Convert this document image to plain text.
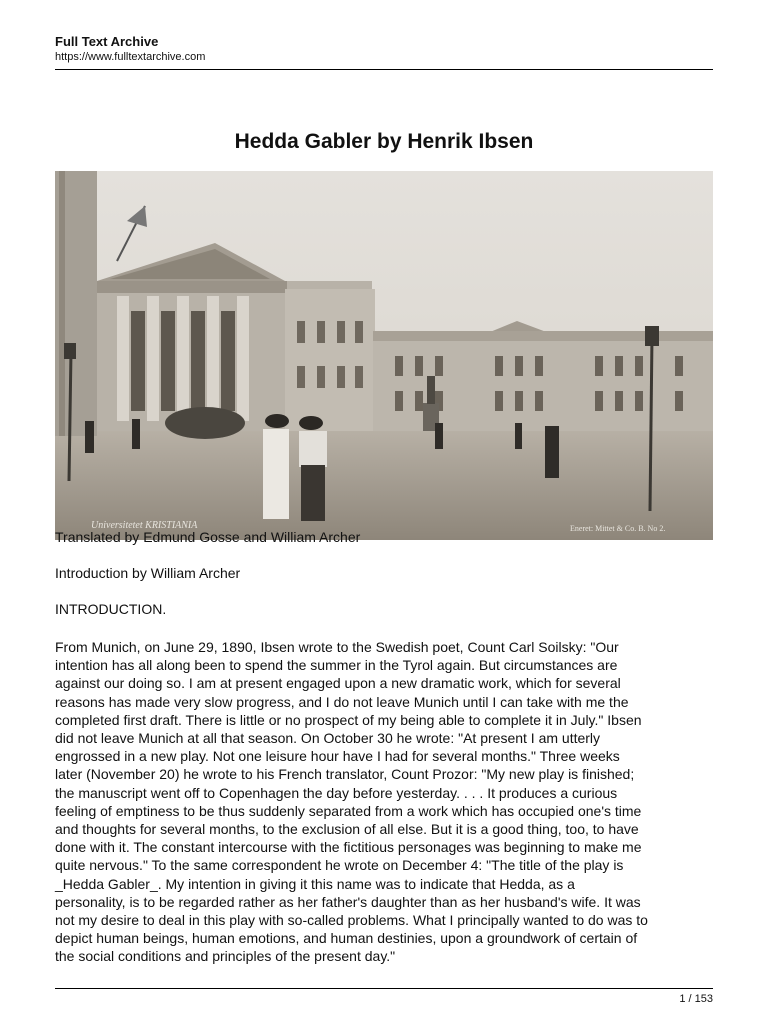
Full Text Archive

https://www.fulltextarchive.com

Hedda Gabler by Henrik Ibsen
Universitetet KRISTIANIA	Eneret: Mittet & Co. B. No 2.
Translated by Edmund Gosse and William Archer
Introduction by William Archer
INTRODUCTION.
From Munich, on June 29, 1890, Ibsen wrote to the Swedish poet, Count Carl Soilsky: "Our
intention has all along been to spend the summer in the Tyrol again. But circumstances are
against our doing so. I am at present engaged upon a new dramatic work, which for several
reasons has made very slow progress, and I do not leave Munich until I can take with me the
completed first draft. There is little or no prospect of my being able to complete it in July." Ibsen
did not leave Munich at all that season. On October 30 he wrote: "At present I am utterly
engrossed in a new play. Not one leisure hour have I had for several months." Three weeks
later (November 20) he wrote to his French translator, Count Prozor: "My new play is finished;
the manuscript went off to Copenhagen the day before yesterday. . . . It produces a curious
feeling of emptiness to be thus suddenly separated from a work which has occupied one's time
and thoughts for several months, to the exclusion of all else. But it is a good thing, too, to have
done with it. The constant intercourse with the fictitious personages was beginning to make me
quite nervous." To the same correspondent he wrote on December 4: "The title of the play is
_Hedda Gabler_. My intention in giving it this name was to indicate that Hedda, as a
personality, is to be regarded rather as her father's daughter than as her husband's wife. It was
not my desire to deal in this play with so-called problems. What I principally wanted to do was to
depict human beings, human emotions, and human destinies, upon a groundwork of certain of
the social conditions and principles of the present day."
1 / 153
